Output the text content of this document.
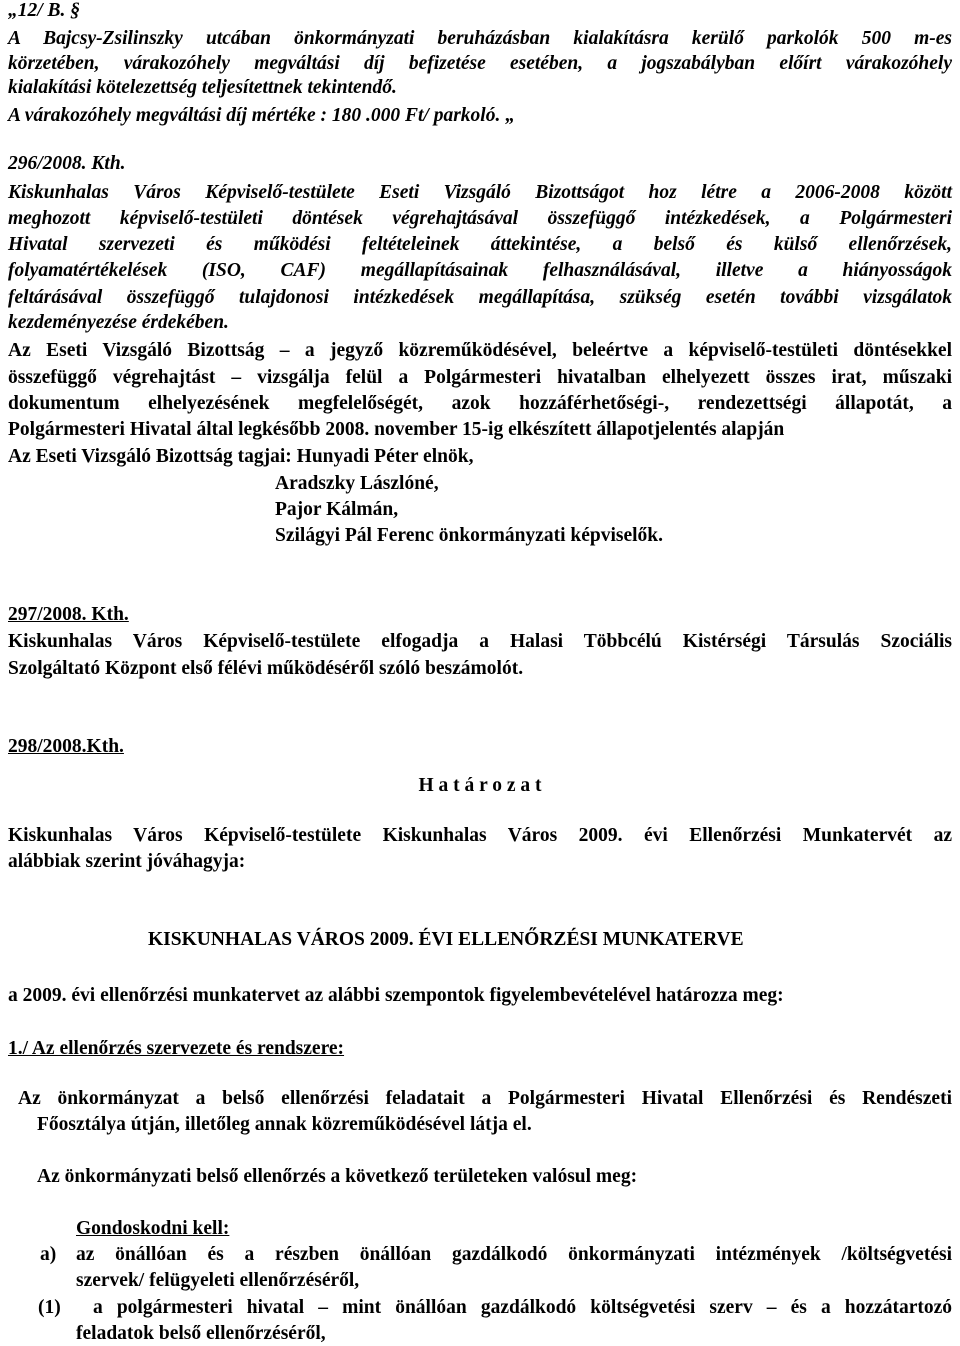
„12/ B. §
A Bajcsy-Zsilinszky utcában önkormányzati beruházásban kialakításra kerülő parkolók 500 m-es
körzetében, várakozóhely megváltási díj befizetése esetében, a jogszabályban előírt várakozóhely
kialakítási kötelezettség teljesítettnek tekintendő.
A várakozóhely megváltási díj mértéke : 180 .000 Ft/ parkoló. „
296/2008. Kth.
Kiskunhalas Város Képviselő-testülete Eseti Vizsgáló Bizottságot hoz létre a 2006-2008 között
meghozott képviselő-testületi döntések végrehajtásával összefüggő intézkedések, a Polgármesteri
Hivatal szervezeti és működési feltételeinek áttekintése, a belső és külső ellenőrzések,
folyamatértékelések (ISO, CAF) megállapításainak felhasználásával, illetve a hiányosságok
feltárásával összefüggő tulajdonosi intézkedések megállapítása, szükség esetén további vizsgálatok
kezdeményezése érdekében.
Az Eseti Vizsgáló Bizottság – a jegyző közreműködésével, beleértve a képviselő-testületi döntésekkel
összefüggő végrehajtást – vizsgálja felül a Polgármesteri hivatalban elhelyezett összes irat, műszaki
dokumentum elhelyezésének megfelelőségét, azok hozzáférhetőségi-, rendezettségi állapotát, a
Polgármesteri Hivatal által legkésőbb 2008. november 15-ig elkészített állapotjelentés alapján
Az Eseti Vizsgáló Bizottság tagjai: Hunyadi Péter elnök,
Aradszky Lászlóné,
Pajor Kálmán,
Szilágyi Pál Ferenc önkormányzati képviselők.
297/2008. Kth.
Kiskunhalas Város Képviselő-testülete elfogadja a Halasi Többcélú Kistérségi Társulás Szociális
Szolgáltató Központ első félévi működéséről szóló beszámolót.
298/2008.Kth.
H a t á r o z a t
Kiskunhalas Város Képviselő-testülete Kiskunhalas Város 2009. évi Ellenőrzési Munkatervét az
alábbiak szerint jóváhagyja:
KISKUNHALAS VÁROS 2009. ÉVI ELLENŐRZÉSI MUNKATERVE
a 2009. évi ellenőrzési munkatervet az alábbi szempontok figyelembevételével határozza meg:
1./ Az ellenőrzés szervezete és rendszere:
Az önkormányzat a belső ellenőrzési feladatait a Polgármesteri Hivatal Ellenőrzési és Rendészeti
Főosztálya útján, illetőleg annak közreműködésével látja el.
Az önkormányzati belső ellenőrzés a következő területeken valósul meg:
Gondoskodni kell:
a) az önállóan és a részben önállóan gazdálkodó önkormányzati intézmények /költségvetési
szervek/ felügyeleti ellenőrzéséről,
(1) a polgármesteri hivatal – mint önállóan gazdálkodó költségvetési szerv – és a hozzátartozó
feladatok belső ellenőrzéséről,
